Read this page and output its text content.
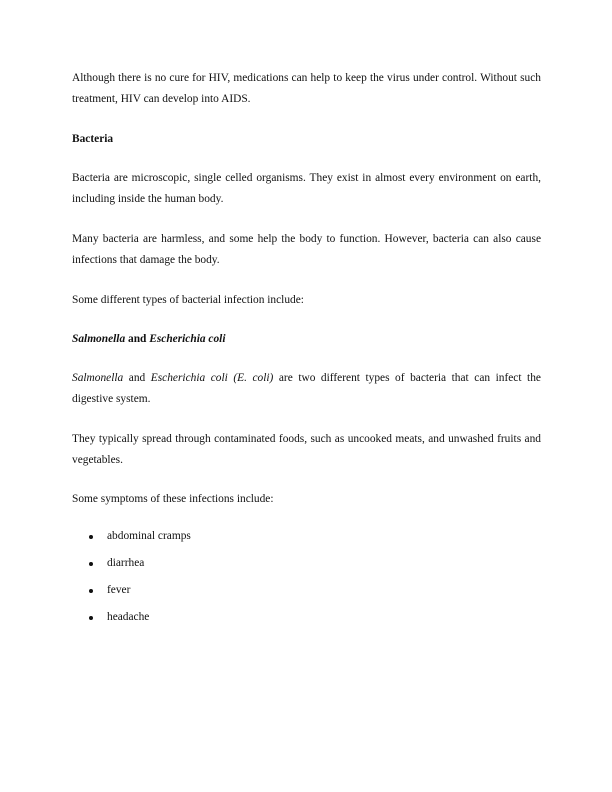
Although there is no cure for HIV, medications can help to keep the virus under control. Without such treatment, HIV can develop into AIDS.

Bacteria

Bacteria are microscopic, single celled organisms. They exist in almost every environment on earth, including inside the human body.

Many bacteria are harmless, and some help the body to function. However, bacteria can also cause infections that damage the body.

Some different types of bacterial infection include:

Salmonella and Escherichia coli

Salmonella and Escherichia coli (E. coli) are two different types of bacteria that can infect the digestive system.

They typically spread through contaminated foods, such as uncooked meats, and unwashed fruits and vegetables.

Some symptoms of these infections include:

abdominal cramps
diarrhea
fever
headache
